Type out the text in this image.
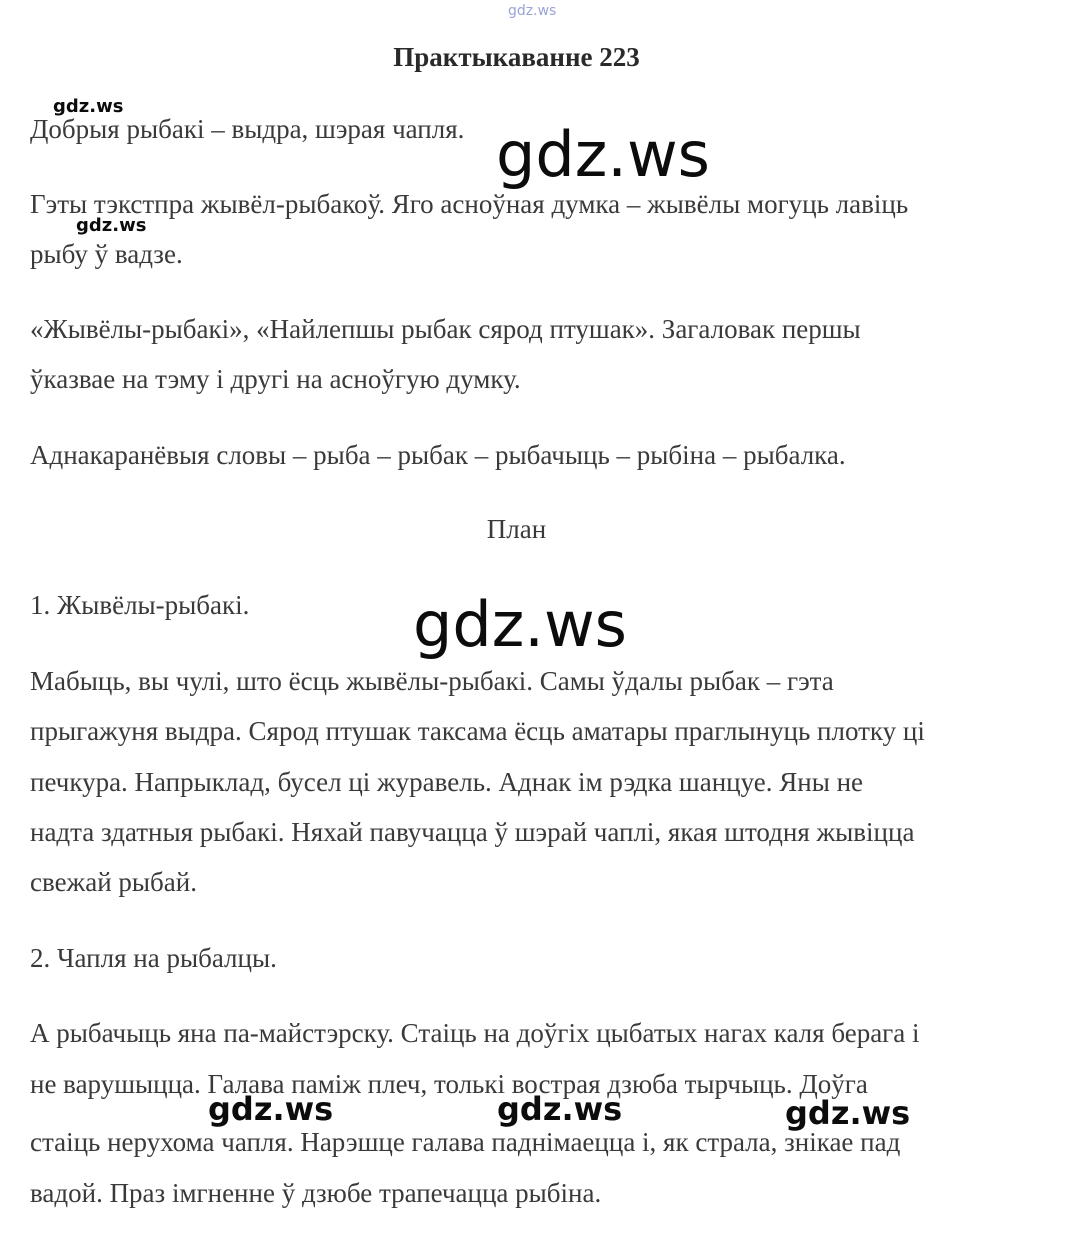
gdz.ws
Практыкаванне 223
gdz.ws
Добрыя рыбакі – выдра, шэрая чапля. gdz.ws
Гэты тэкстпра жывёл-рыбакоў. Яго асноўная думка – жывёлы могуць лавіць
gdz.ws
рыбу ў вадзе.
«Жывёлы-рыбакі», «Найлепшы рыбак сярод птушак». Загаловак першы
ўказвае на тэму і другі на асноўгую думку.
Аднакаранёвыя словы – рыба – рыбак – рыбачыць – рыбіна – рыбалка.
План
1. Жывёлы-рыбакі.	gdz.ws
Мабыць, вы чулі, што ёсць жывёлы-рыбакі. Самы ўдалы рыбак – гэта
прыгажуня выдра. Сярод птушак таксама ёсць аматары праглынуць плотку ці
печкура. Напрыклад, бусел ці журавель. Аднак ім рэдка шанцуе. Яны не
надта здатныя рыбакі. Няхай павучацца ў шэрай чаплі, якая штодня жывіцца
свежай рыбай.
2. Чапля на рыбалцы.
А рыбачыць яна па-майстэрску. Стаіць на доўгіх цыбатых нагах каля берага і
не варушыцца. Галава паміж плеч, толькі вострая дзюба тырчыць. Доўга
gdz.ws	gdz.ws	gdz.ws
стаіць нерухома чапля. Нарэшце галава паднімаецца і, як страла, знікае пад
вадой. Праз імгненне ў дзюбе трапечацца рыбіна.
